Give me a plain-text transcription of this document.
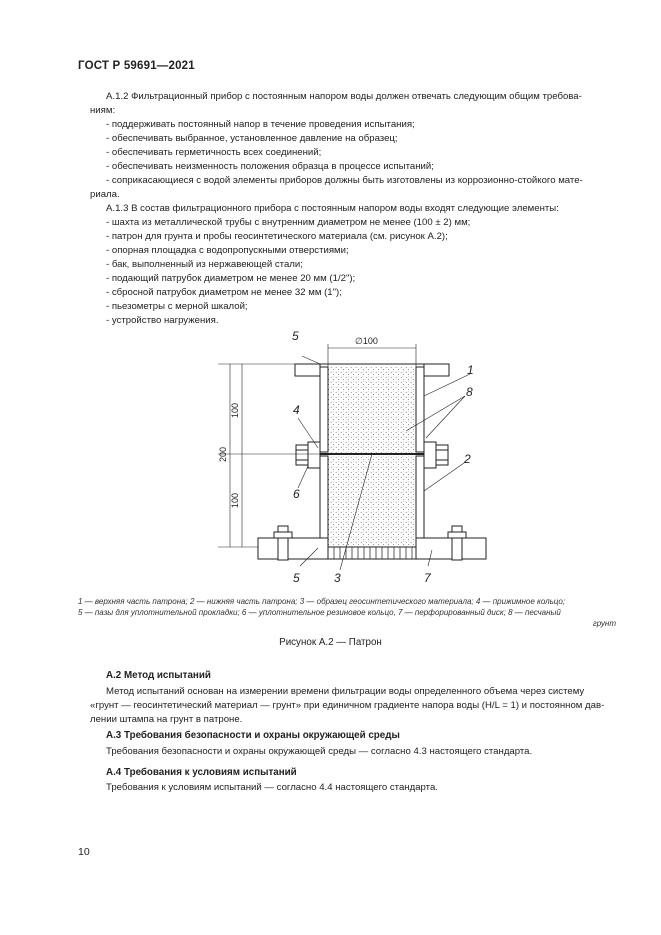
ГОСТ Р 59691—2021

А.1.2 Фильтрационный прибор с постоянным напором воды должен отвечать следующим общим требова-

ниям:

- поддерживать постоянный напор в течение проведения испытания;

- обеспечивать выбранное, установленное давление на образец;

- обеспечивать герметичность всех соединений;

- обеспечивать неизменность положения образца в процессе испытаний;

- соприкасающиеся с водой элементы приборов должны быть изготовлены из коррозионно-стойкого мате-

риала.

А.1.3 В состав фильтрационного прибора с постоянным напором воды входят следующие элементы:

- шахта из металлической трубы с внутренним диаметром не менее (100 ± 2) мм;

- патрон для грунта и пробы геосинтетического материала (см. рисунок А.2);

- опорная площадка с водопропускными отверстиями;

- бак, выполненный из нержавеющей стали;

- подающий патрубок диаметром не менее 20 мм (1/2");

- сбросной патрубок диаметром не менее 32 мм (1");

- пьезометры с мерной шкалой;

- устройство нагружения.

∅100
200
100
100
5
1
8
4
2
6
5	3	7
1 — верхняя часть патрона; 2 — нижняя часть патрона; 3 — образец геосинтетического материала; 4 — прижимное кольцо;
5 — пазы для уплотнительной прокладки; 6 — уплотнительное резиновое кольцо, 7 — перфорированный диск; 8 — песчаный
грунт
Рисунок А.2 — Патрон
А.2 Метод испытаний

Метод испытаний основан на измерении времени фильтрации воды определенного объема через систему

«грунт — геосинтетический материал — грунт» при единичном градиенте напора воды (H/L = 1) и постоянном дав-

лении штампа на грунт в патроне.

А.3 Требования безопасности и охраны окружающей среды

Требования безопасности и охраны окружающей среды — согласно 4.3 настоящего стандарта.

А.4 Требования к условиям испытаний

Требования к условиям испытаний — согласно 4.4 настоящего стандарта.

10
